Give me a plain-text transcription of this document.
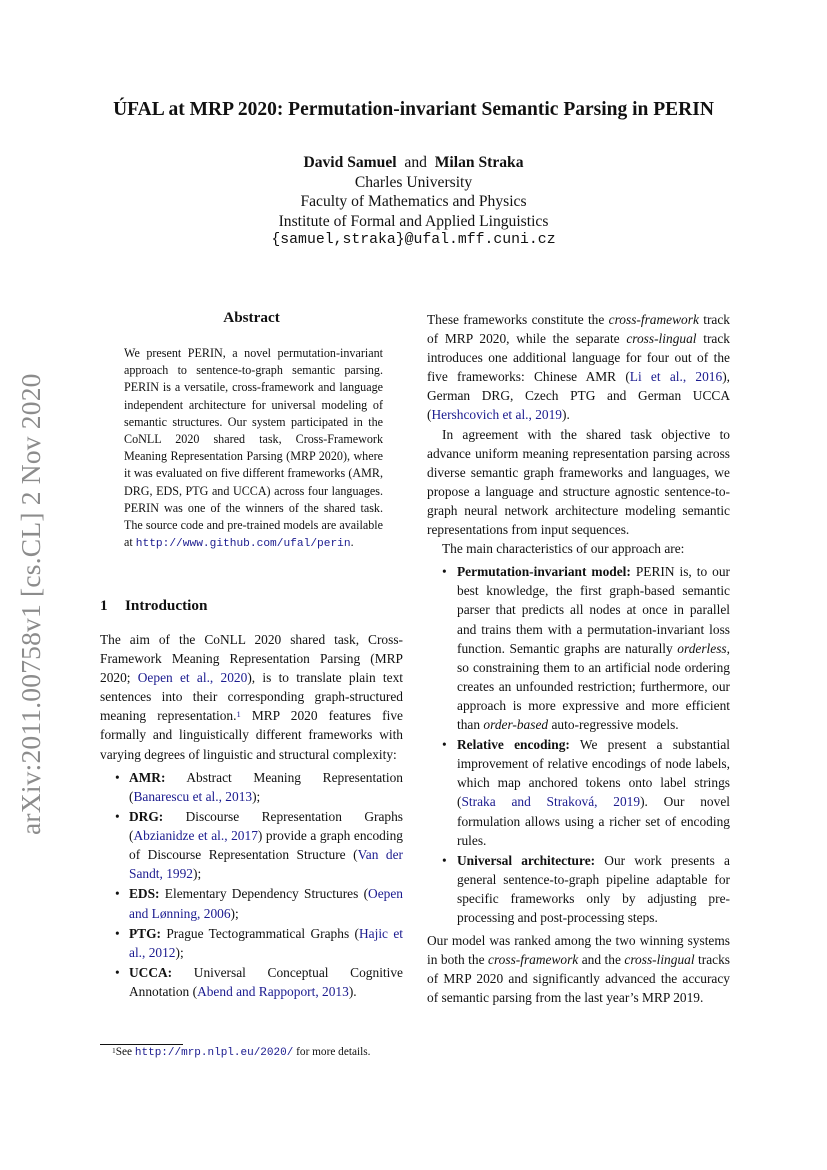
arXiv:2011.00758v1 [cs.CL] 2 Nov 2020
ÚFAL at MRP 2020: Permutation-invariant Semantic Parsing in PERIN
David Samuel and Milan Straka
Charles University
Faculty of Mathematics and Physics
Institute of Formal and Applied Linguistics
{samuel,straka}@ufal.mff.cuni.cz
Abstract
We present PERIN, a novel permutation-invariant approach to sentence-to-graph semantic parsing. PERIN is a versatile, cross-framework and language independent architecture for universal modeling of semantic structures. Our system participated in the CoNLL 2020 shared task, Cross-Framework Meaning Representation Parsing (MRP 2020), where it was evaluated on five different frameworks (AMR, DRG, EDS, PTG and UCCA) across four languages. PERIN was one of the winners of the shared task. The source code and pre-trained models are available at http://www.github.com/ufal/perin.
1 Introduction

The aim of the CoNLL 2020 shared task, Cross-Framework Meaning Representation Parsing (MRP 2020; Oepen et al., 2020), is to translate plain text sentences into their corresponding graph-structured meaning representation.$^1$ MRP 2020 features five formally and linguistically different frameworks with varying degrees of linguistic and structural complexity:

• AMR: Abstract Meaning Representation (Banarescu et al., 2013);
• DRG: Discourse Representation Graphs (Abzianidze et al., 2017) provide a graph encoding of Discourse Representation Structure (Van der Sandt, 1992);
• EDS: Elementary Dependency Structures (Oepen and Lønning, 2006);
• PTG: Prague Tectogrammatical Graphs (Hajic et al., 2012);
• UCCA: Universal Conceptual Cognitive Annotation (Abend and Rappoport, 2013).
$^1$See http://mrp.nlpl.eu/2020/ for more details.

These frameworks constitute the cross-framework track of MRP 2020, while the separate cross-lingual track introduces one additional language for four out of the five frameworks: Chinese AMR (Li et al., 2016), German DRG, Czech PTG and German UCCA (Hershcovich et al., 2019).

In agreement with the shared task objective to advance uniform meaning representation parsing across diverse semantic graph frameworks and languages, we propose a language and structure agnostic sentence-to-graph neural network architecture modeling semantic representations from input sequences.

The main characteristics of our approach are:

• Permutation-invariant model: PERIN is, to our best knowledge, the first graph-based semantic parser that predicts all nodes at once in parallel and trains them with a permutation-invariant loss function. Semantic graphs are naturally orderless, so constraining them to an artificial node ordering creates an unfounded restriction; furthermore, our approach is more expressive and more efficient than order-based auto-regressive models.
• Relative encoding: We present a substantial improvement of relative encodings of node labels, which map anchored tokens onto label strings (Straka and Straková, 2019). Our novel formulation allows using a richer set of encoding rules.
• Universal architecture: Our work presents a general sentence-to-graph pipeline adaptable for specific frameworks only by adjusting pre-processing and post-processing steps.

Our model was ranked among the two winning systems in both the cross-framework and the cross-lingual tracks of MRP 2020 and significantly advanced the accuracy of semantic parsing from the last year’s MRP 2019.
